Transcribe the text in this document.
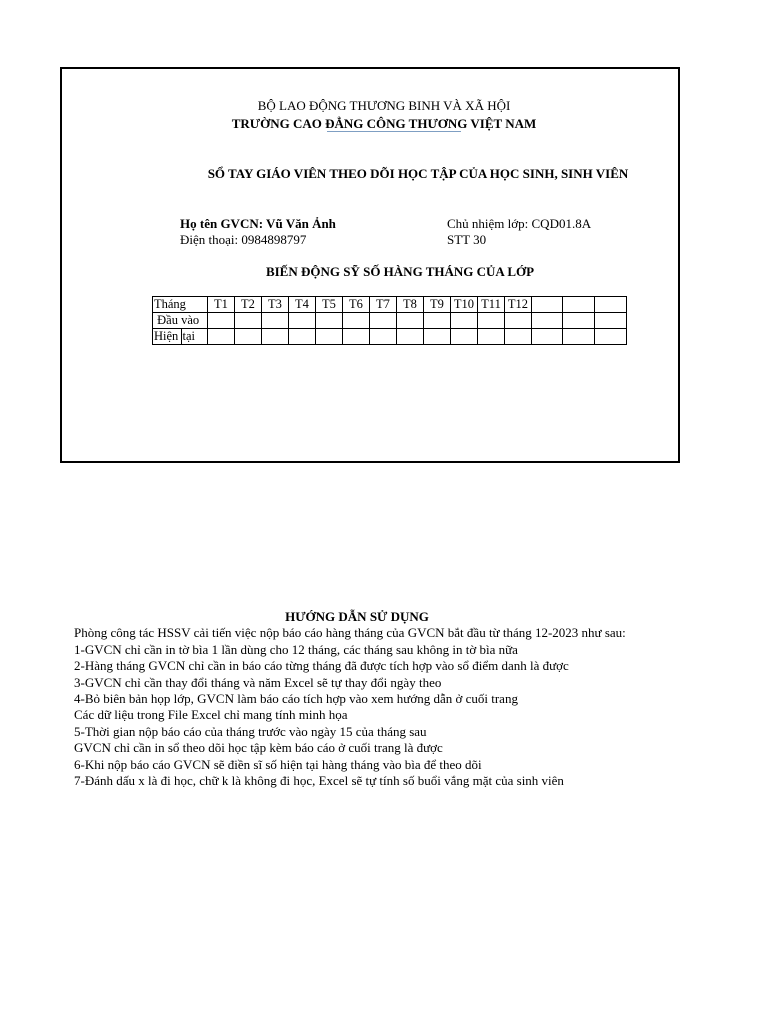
BỘ LAO ĐỘNG THƯƠNG BINH VÀ XÃ HỘI
TRƯỜNG CAO ĐẲNG CÔNG THƯƠNG VIỆT NAM
SỔ TAY GIÁO VIÊN THEO DÕI HỌC TẬP CỦA HỌC SINH, SINH VIÊN
Họ tên GVCN: Vũ Văn Ảnh
Điện thoại: 0984898797
Chủ nhiệm lớp: CQD01.8A
STT 30
BIẾN ĐỘNG SỸ SỐ HÀNG THÁNG CỦA LỚP
Tháng		T1	T2	T3	T4	T5	T6	T7	T8	T9	T10	T11	T12			
Đầu vào																
Hiện	tại															
HƯỚNG DẪN SỬ DỤNG
Phòng công tác HSSV cải tiến việc nộp báo cáo hàng tháng của GVCN bắt đầu từ tháng 12-2023 như sau:
1-GVCN chỉ cần in tờ bìa 1 lần dùng cho 12 tháng, các tháng sau không in tờ bìa nữa
2-Hàng tháng GVCN chỉ cần in báo cáo từng tháng đã được tích hợp vào sổ điểm danh là được
3-GVCN chỉ cần thay đổi tháng và năm Excel sẽ tự thay đổi ngày theo
4-Bỏ biên bản họp lớp, GVCN làm báo cáo tích hợp vào xem hướng dẫn ở cuối trang
Các dữ liệu trong File Excel chỉ mang tính minh họa
5-Thời gian nộp báo cáo của tháng trước vào ngày 15 của tháng sau
GVCN chỉ cần in sổ theo dõi học tập kèm báo cáo ở cuối trang là được
6-Khi nộp báo cáo GVCN sẽ điền sĩ số hiện tại hàng tháng vào bìa để theo dõi
7-Đánh dấu x là đi học, chữ k là không đi học, Excel sẽ tự tính số buổi vắng mặt của sinh viên
